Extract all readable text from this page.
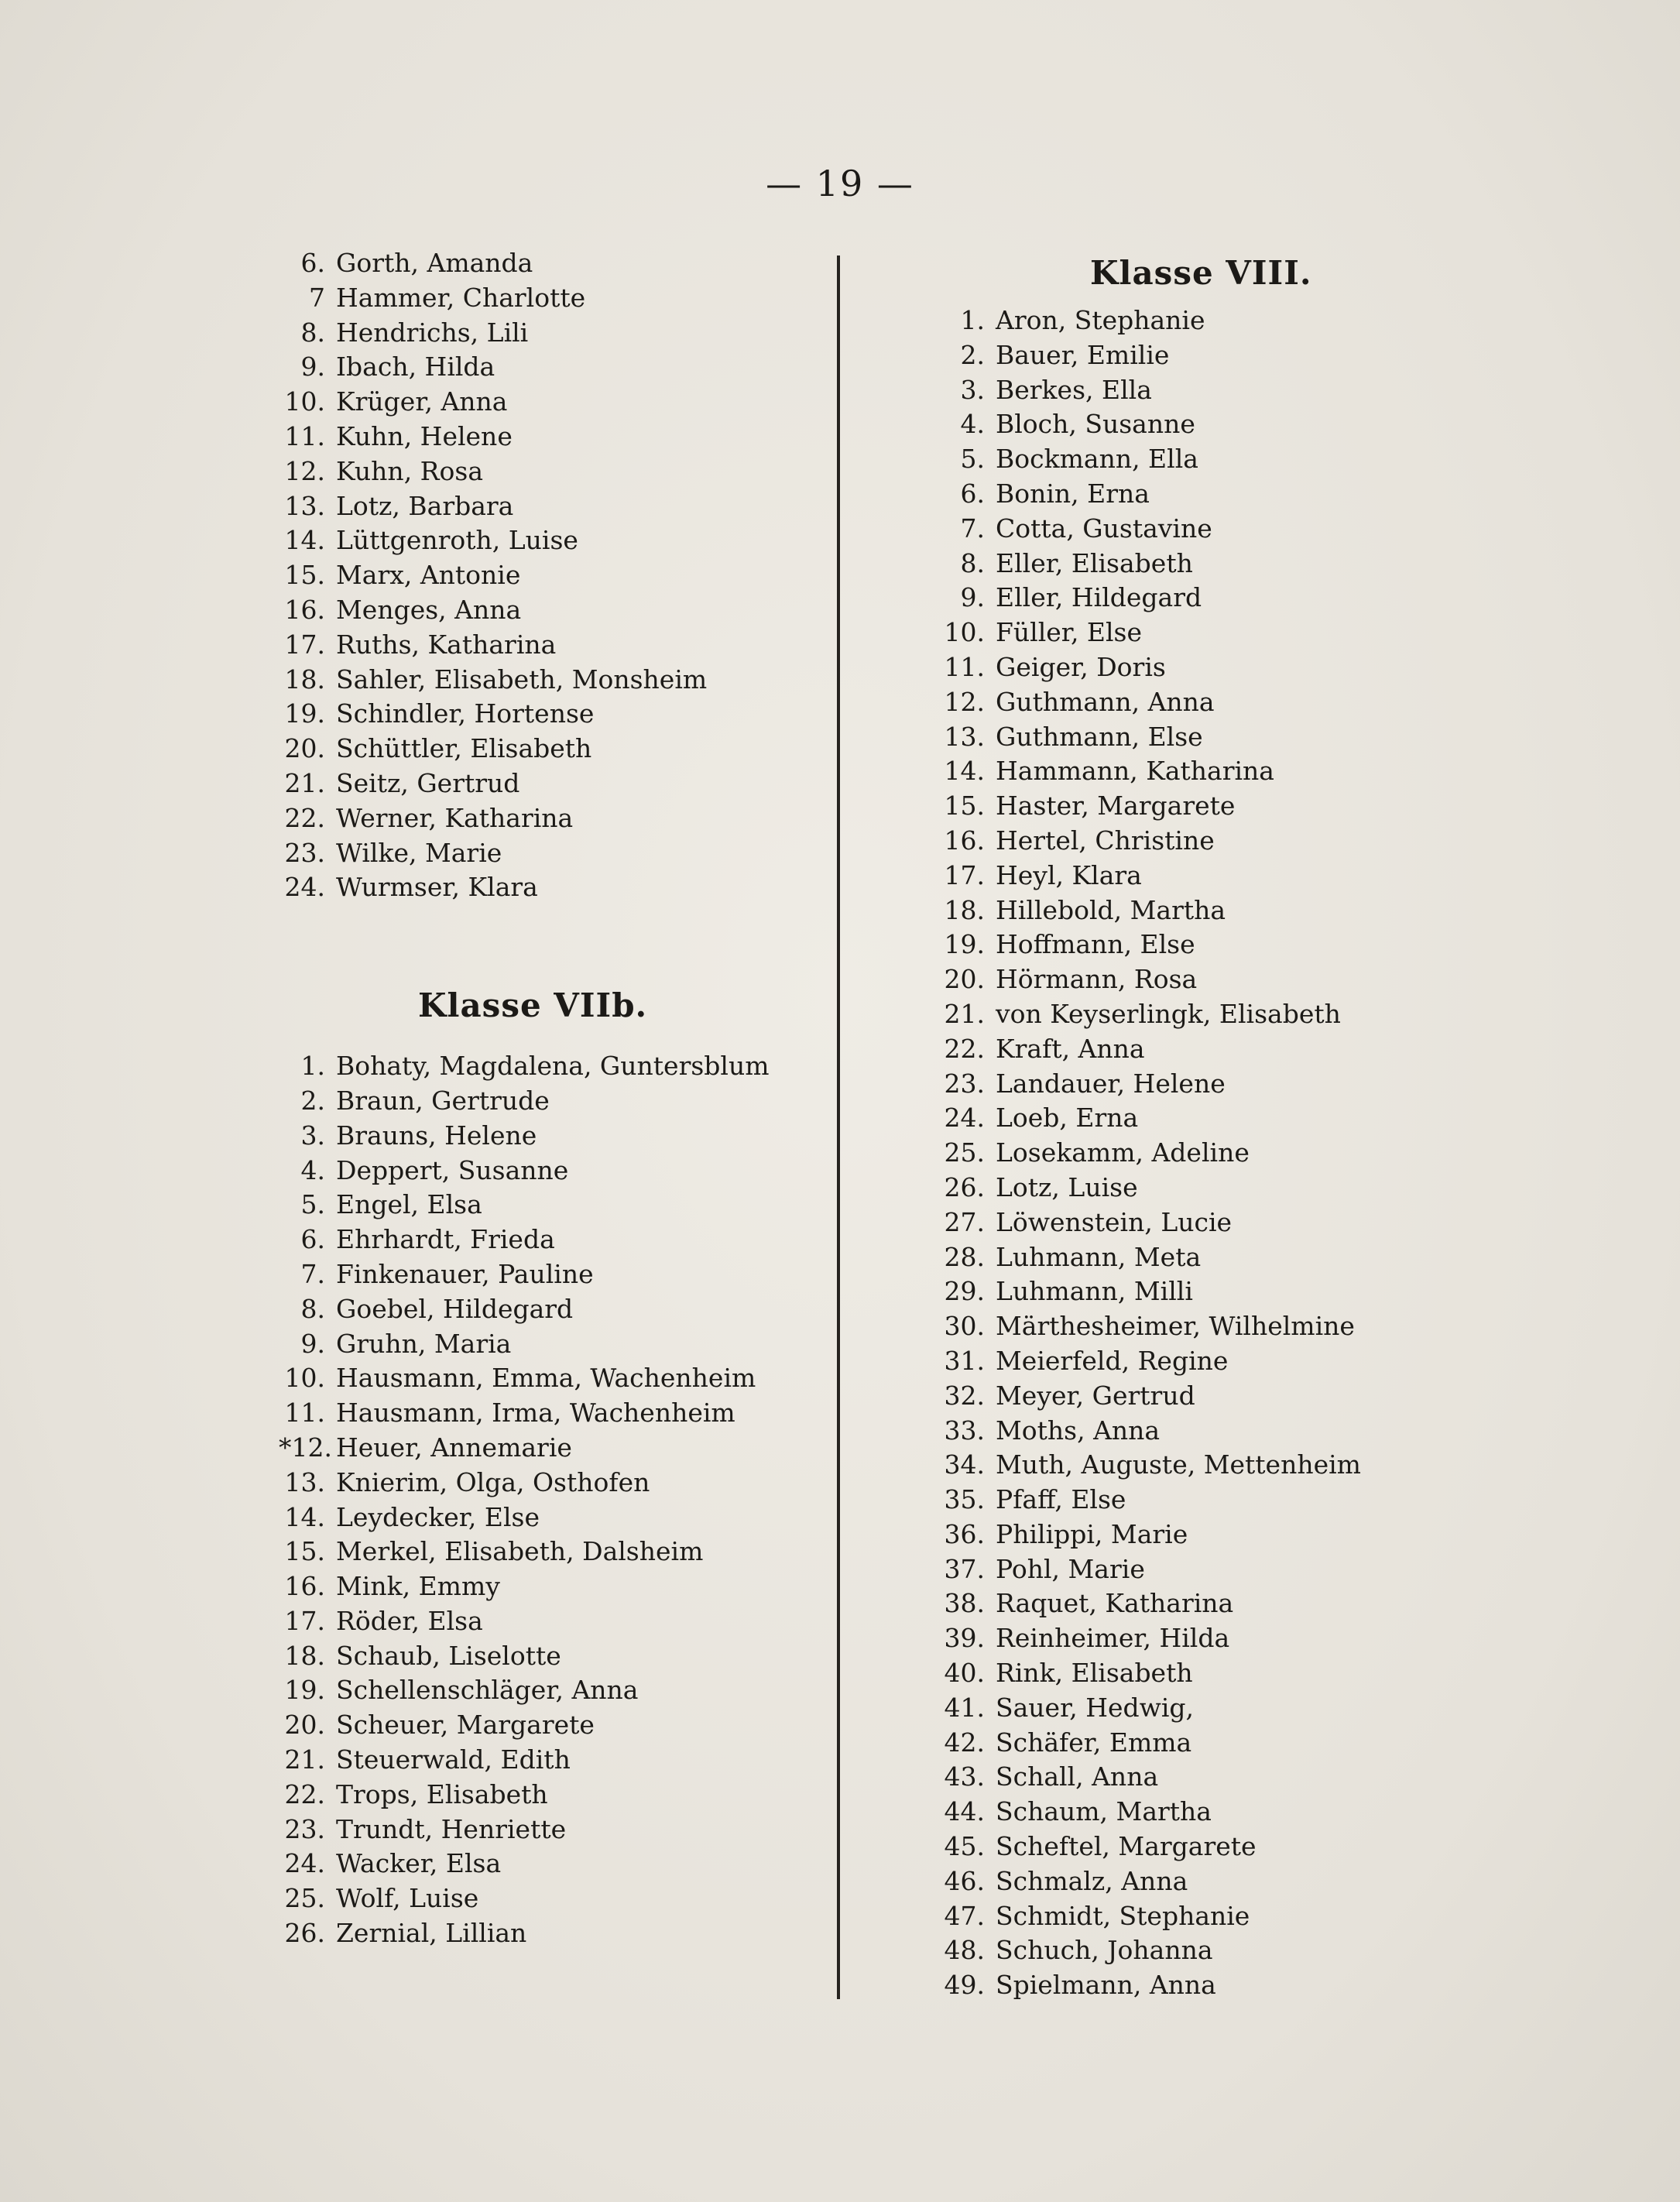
— 19 —
6. Gorth, Amanda
7 Hammer, Charlotte
8. Hendrichs, Lili
9. Ibach, Hilda
10. Krüger, Anna
11. Kuhn, Helene
12. Kuhn, Rosa
13. Lotz, Barbara
14. Lüttgenroth, Luise
15. Marx, Antonie
16. Menges, Anna
17. Ruths, Katharina
18. Sahler, Elisabeth, Monsheim
19. Schindler, Hortense
20. Schüttler, Elisabeth
21. Seitz, Gertrud
22. Werner, Katharina
23. Wilke, Marie
24. Wurmser, Klara
Klasse VIIb.
1. Bohaty, Magdalena, Guntersblum
2. Braun, Gertrude
3. Brauns, Helene
4. Deppert, Susanne
5. Engel, Elsa
6. Ehrhardt, Frieda
7. Finkenauer, Pauline
8. Goebel, Hildegard
9. Gruhn, Maria
10. Hausmann, Emma, Wachenheim
11. Hausmann, Irma, Wachenheim
*12. Heuer, Annemarie
13. Knierim, Olga, Osthofen
14. Leydecker, Else
15. Merkel, Elisabeth, Dalsheim
16. Mink, Emmy
17. Röder, Elsa
18. Schaub, Liselotte
19. Schellenschläger, Anna
20. Scheuer, Margarete
21. Steuerwald, Edith
22. Trops, Elisabeth
23. Trundt, Henriette
24. Wacker, Elsa
25. Wolf, Luise
26. Zernial, Lillian
Klasse VIII.
1. Aron, Stephanie
2. Bauer, Emilie
3. Berkes, Ella
4. Bloch, Susanne
5. Bockmann, Ella
6. Bonin, Erna
7. Cotta, Gustavine
8. Eller, Elisabeth
9. Eller, Hildegard
10. Füller, Else
11. Geiger, Doris
12. Guthmann, Anna
13. Guthmann, Else
14. Hammann, Katharina
15. Haster, Margarete
16. Hertel, Christine
17. Heyl, Klara
18. Hillebold, Martha
19. Hoffmann, Else
20. Hörmann, Rosa
21. von Keyserlingk, Elisabeth
22. Kraft, Anna
23. Landauer, Helene
24. Loeb, Erna
25. Losekamm, Adeline
26. Lotz, Luise
27. Löwenstein, Lucie
28. Luhmann, Meta
29. Luhmann, Milli
30. Märthesheimer, Wilhelmine
31. Meierfeld, Regine
32. Meyer, Gertrud
33. Moths, Anna
34. Muth, Auguste, Mettenheim
35. Pfaff, Else
36. Philippi, Marie
37. Pohl, Marie
38. Raquet, Katharina
39. Reinheimer, Hilda
40. Rink, Elisabeth
41. Sauer, Hedwig,
42. Schäfer, Emma
43. Schall, Anna
44. Schaum, Martha
45. Scheftel, Margarete
46. Schmalz, Anna
47. Schmidt, Stephanie
48. Schuch, Johanna
49. Spielmann, Anna
